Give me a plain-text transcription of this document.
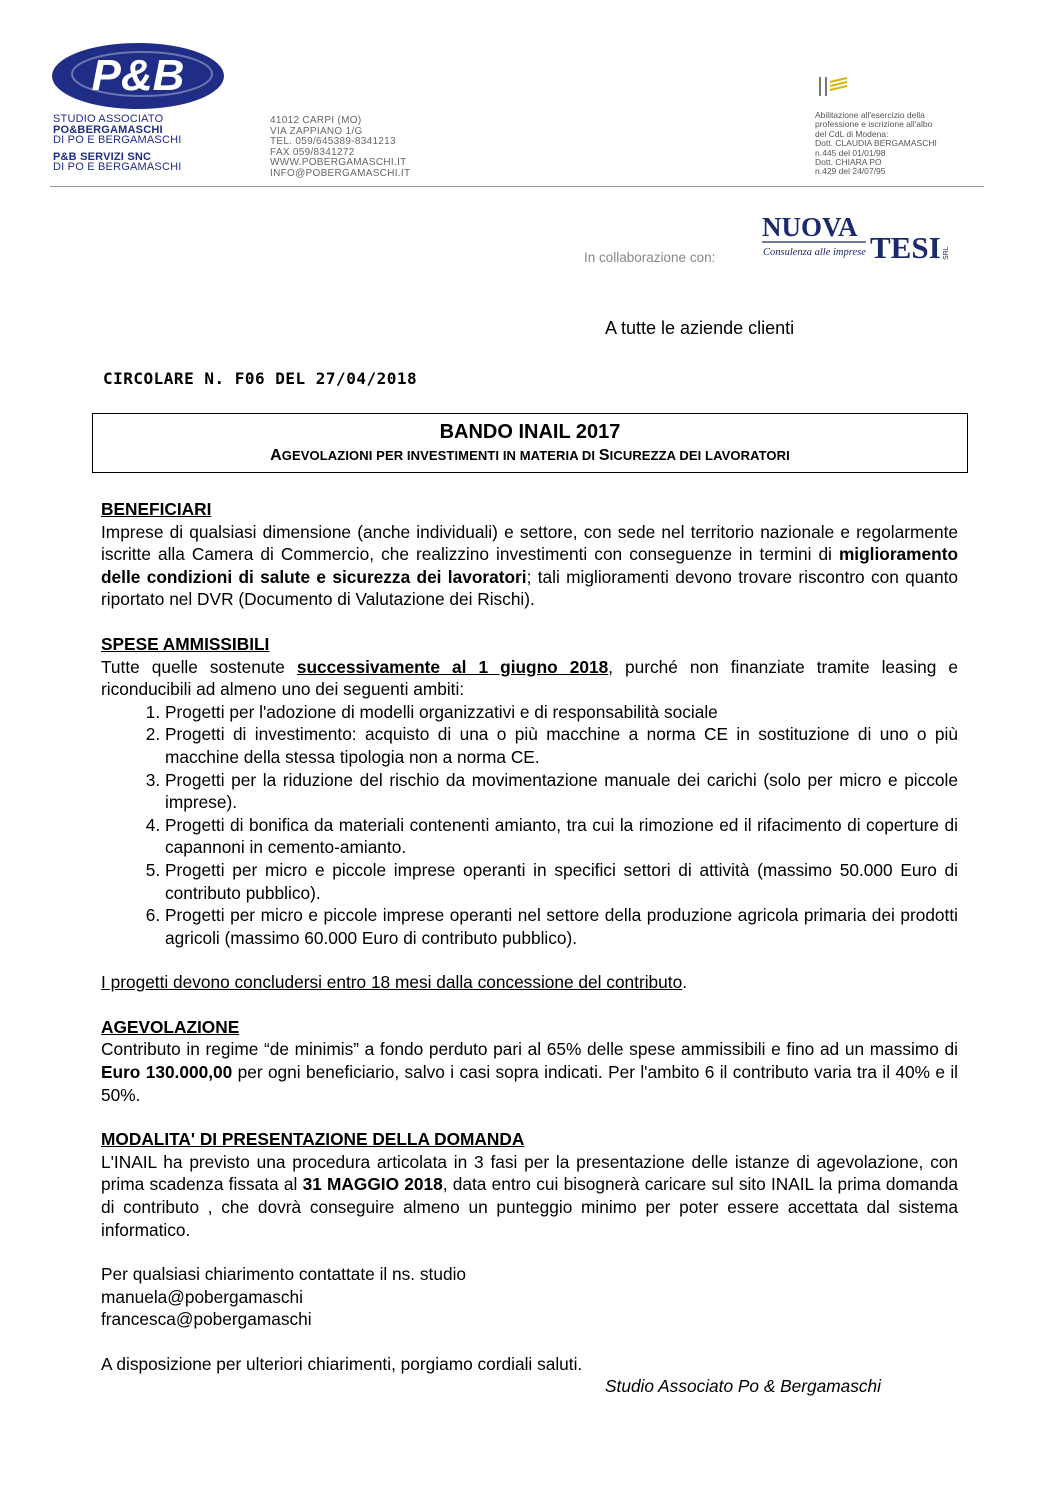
P&B
STUDIO ASSOCIATO
PO&BERGAMASCHI
DI PO E BERGAMASCHI
P&B SERVIZI SNC
DI PO E BERGAMASCHI
41012 CARPI (MO)
VIA ZAPPIANO 1/G
TEL. 059/645389-8341213
FAX 059/8341272
WWW.POBERGAMASCHI.IT
INFO@POBERGAMASCHI.IT
Abilitazione all'esercizio della
professione e iscrizione all'albo
del CdL di Modena:
Dott. CLAUDIA BERGAMASCHI
n.445 del 01/01/98
Dott. CHIARA PO
n.429 del 24/07/95
In collaborazione con:
NUOVA
Consulenza alle imprese TESI SRL
A tutte le aziende clienti
CIRCOLARE N. F06 DEL 27/04/2018
BANDO INAIL 2017
AGEVOLAZIONI PER INVESTIMENTI IN MATERIA DI SICUREZZA DEI LAVORATORI
BENEFICIARI

Imprese di qualsiasi dimensione (anche individuali) e settore, con sede nel territorio nazionale e regolarmente iscritte alla Camera di Commercio, che realizzino investimenti con conseguenze in termini di miglioramento delle condizioni di salute e sicurezza dei lavoratori; tali miglioramenti devono trovare riscontro con quanto riportato nel DVR (Documento di Valutazione dei Rischi).

SPESE AMMISSIBILI

Tutte quelle sostenute successivamente al 1 giugno 2018, purché non finanziate tramite leasing e riconducibili ad almeno uno dei seguenti ambiti:

1. Progetti per l'adozione di modelli organizzativi e di responsabilità sociale
2. Progetti di investimento: acquisto di una o più macchine a norma CE in sostituzione di uno o più macchine della stessa tipologia non a norma CE.
3. Progetti per la riduzione del rischio da movimentazione manuale dei carichi (solo per micro e piccole imprese).
4. Progetti di bonifica da materiali contenenti amianto, tra cui la rimozione ed il rifacimento di coperture di capannoni in cemento-amianto.
5. Progetti per micro e piccole imprese operanti in specifici settori di attività (massimo 50.000 Euro di contributo pubblico).
6. Progetti per micro e piccole imprese operanti nel settore della produzione agricola primaria dei prodotti agricoli (massimo 60.000 Euro di contributo pubblico).

I progetti devono concludersi entro 18 mesi dalla concessione del contributo.

AGEVOLAZIONE

Contributo in regime “de minimis” a fondo perduto pari al 65% delle spese ammissibili e fino ad un massimo di Euro 130.000,00 per ogni beneficiario, salvo i casi sopra indicati. Per l'ambito 6 il contributo varia tra il 40% e il 50%.

MODALITA' DI PRESENTAZIONE DELLA DOMANDA

L'INAIL ha previsto una procedura articolata in 3 fasi per la presentazione delle istanze di agevolazione, con prima scadenza fissata al 31 MAGGIO 2018, data entro cui bisognerà caricare sul sito INAIL la prima domanda di contributo , che dovrà conseguire almeno un punteggio minimo per poter essere accettata dal sistema informatico.

Per qualsiasi chiarimento contattate il ns. studio

manuela@pobergamaschi

francesca@pobergamaschi

A disposizione per ulteriori chiarimenti, porgiamo cordiali saluti.

Studio Associato Po & Bergamaschi
